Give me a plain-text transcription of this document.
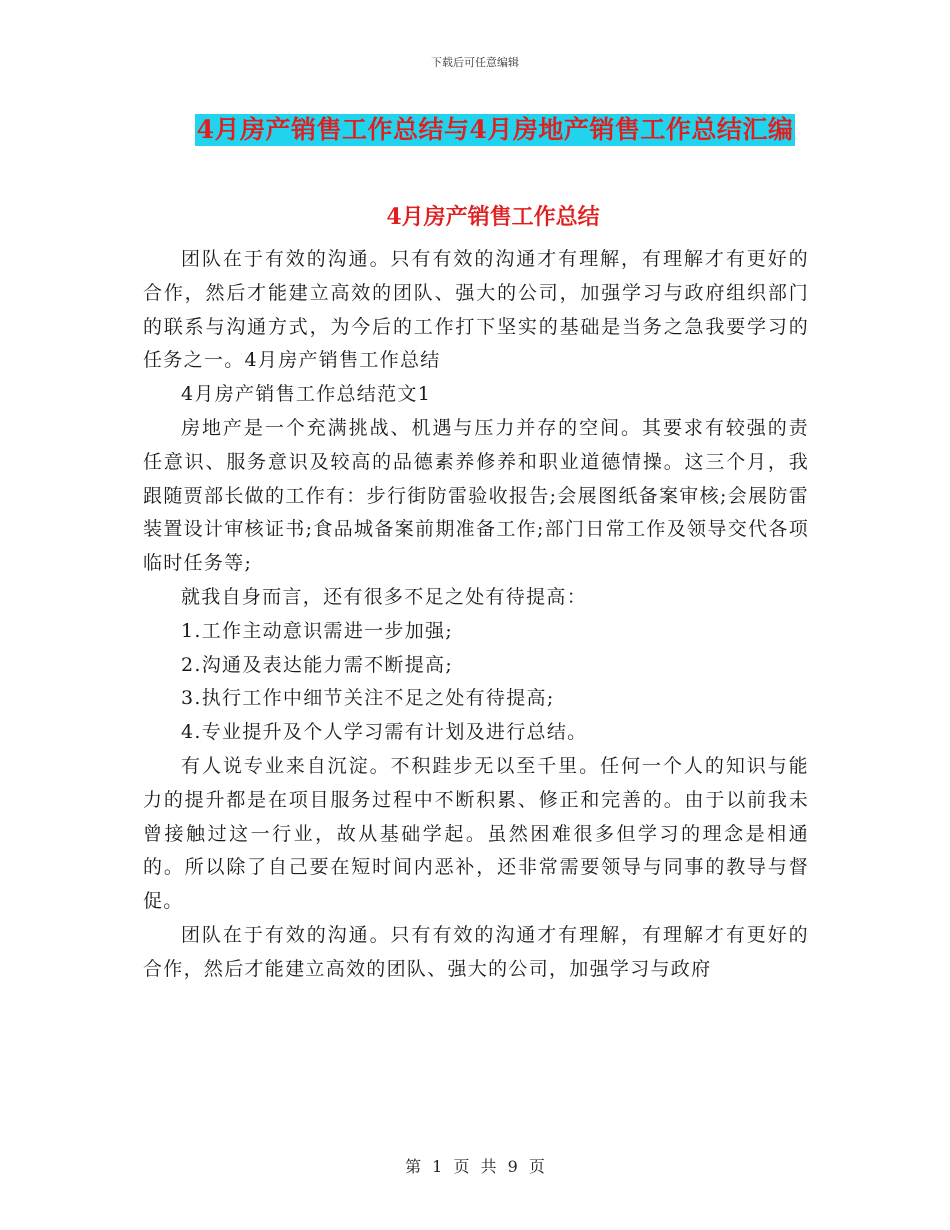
下载后可任意编辑
4月房产销售工作总结与4月房地产销售工作总结汇编
4月房产销售工作总结

团队在于有效的沟通。只有有效的沟通才有理解，有理解才有更好的合作，然后才能建立高效的团队、强大的公司，加强学习与政府组织部门的联系与沟通方式，为今后的工作打下坚实的基础是当务之急我要学习的任务之一。4月房产销售工作总结

4月房产销售工作总结范文1

房地产是一个充满挑战、机遇与压力并存的空间。其要求有较强的责任意识、服务意识及较高的品德素养修养和职业道德情操。这三个月，我跟随贾部长做的工作有：步行街防雷验收报告;会展图纸备案审核;会展防雷装置设计审核证书;食品城备案前期准备工作;部门日常工作及领导交代各项临时任务等;

就我自身而言，还有很多不足之处有待提高：

1.工作主动意识需进一步加强;

2.沟通及表达能力需不断提高;

3.执行工作中细节关注不足之处有待提高;

4.专业提升及个人学习需有计划及进行总结。

有人说专业来自沉淀。不积跬步无以至千里。任何一个人的知识与能力的提升都是在项目服务过程中不断积累、修正和完善的。由于以前我未曾接触过这一行业，故从基础学起。虽然困难很多但学习的理念是相通的。所以除了自己要在短时间内恶补，还非常需要领导与同事的教导与督促。

团队在于有效的沟通。只有有效的沟通才有理解，有理解才有更好的合作，然后才能建立高效的团队、强大的公司，加强学习与政府

第 1 页 共 9 页
